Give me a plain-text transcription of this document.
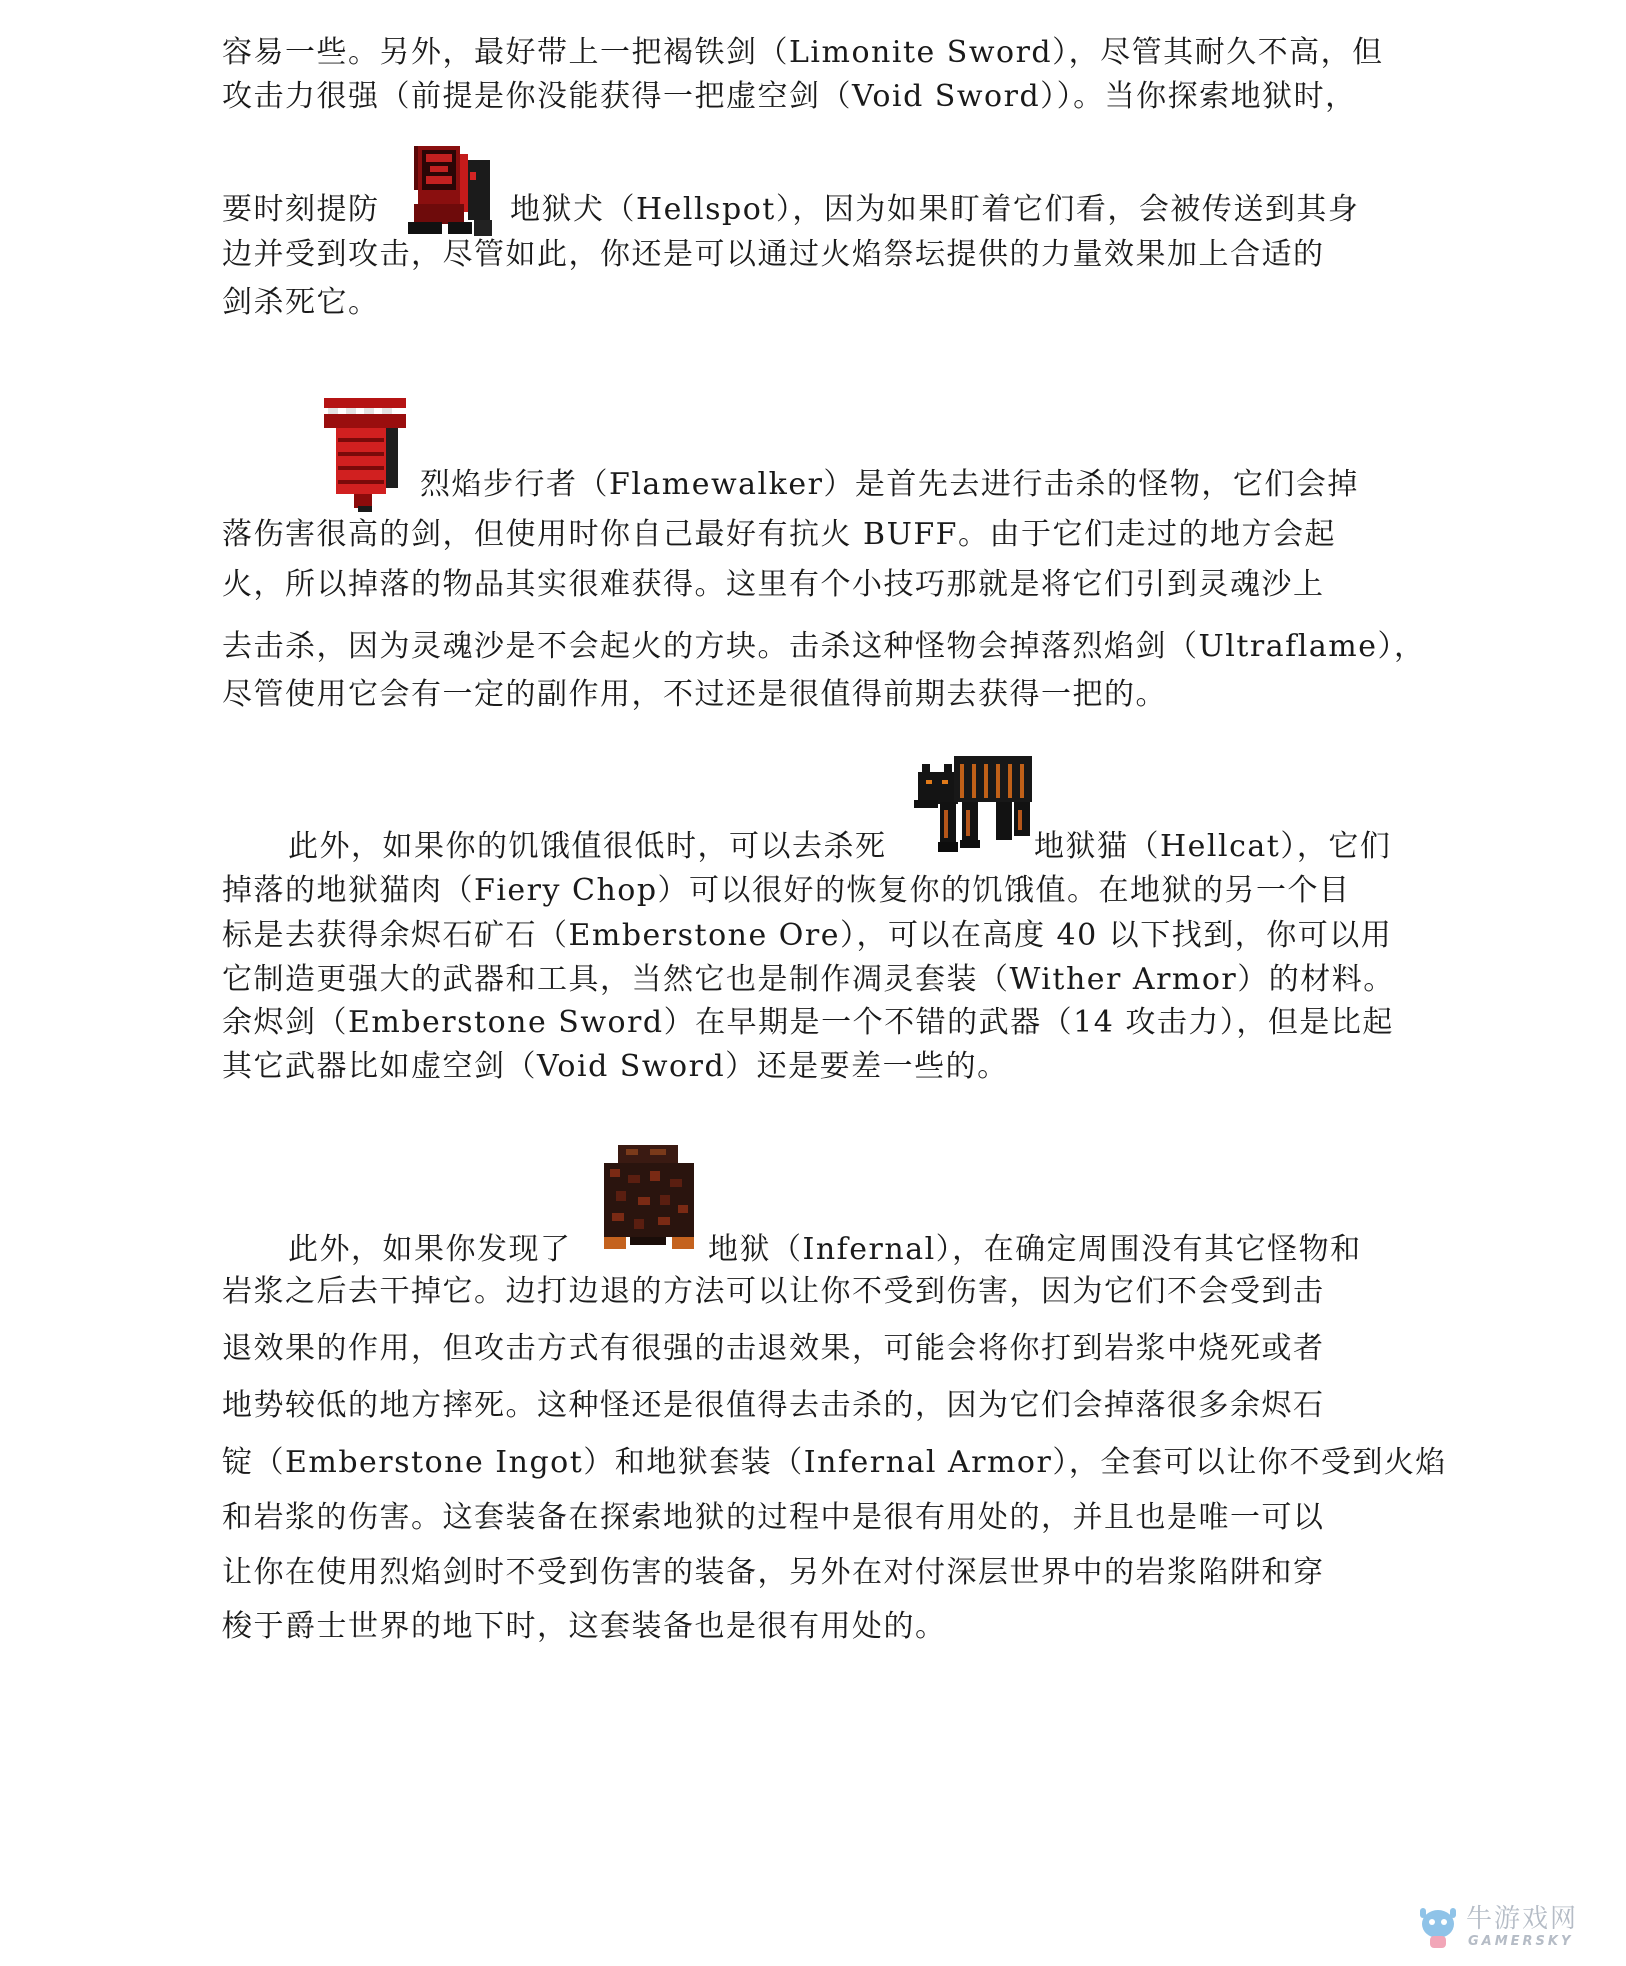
容易一些。另外，最好带上一把褐铁剑（Limonite Sword），尽管其耐久不高，但
攻击力很强（前提是你没能获得一把虚空剑（Void Sword））。当你探索地狱时，
要时刻提防	地狱犬（Hellspot），因为如果盯着它们看，会被传送到其身
边并受到攻击，尽管如此，你还是可以通过火焰祭坛提供的力量效果加上合适的
剑杀死它。
烈焰步行者（Flamewalker）是首先去进行击杀的怪物，它们会掉
落伤害很高的剑，但使用时你自己最好有抗火 BUFF。由于它们走过的地方会起
火，所以掉落的物品其实很难获得。这里有个小技巧那就是将它们引到灵魂沙上
去击杀，因为灵魂沙是不会起火的方块。击杀这种怪物会掉落烈焰剑（Ultraflame），
尽管使用它会有一定的副作用，不过还是很值得前期去获得一把的。
此外，如果你的饥饿值很低时，可以去杀死	地狱猫（Hellcat），它们
掉落的地狱猫肉（Fiery Chop）可以很好的恢复你的饥饿值。在地狱的另一个目
标是去获得余烬石矿石（Emberstone Ore），可以在高度 40 以下找到，你可以用
它制造更强大的武器和工具，当然它也是制作凋灵套装（Wither Armor）的材料。
余烬剑（Emberstone Sword）在早期是一个不错的武器（14 攻击力），但是比起
其它武器比如虚空剑（Void Sword）还是要差一些的。
此外，如果你发现了	地狱（Infernal），在确定周围没有其它怪物和
岩浆之后去干掉它。边打边退的方法可以让你不受到伤害，因为它们不会受到击
退效果的作用，但攻击方式有很强的击退效果，可能会将你打到岩浆中烧死或者
地势较低的地方摔死。这种怪还是很值得去击杀的，因为它们会掉落很多余烬石
锭（Emberstone Ingot）和地狱套装（Infernal Armor），全套可以让你不受到火焰
和岩浆的伤害。这套装备在探索地狱的过程中是很有用处的，并且也是唯一可以
让你在使用烈焰剑时不受到伤害的装备，另外在对付深层世界中的岩浆陷阱和穿
梭于爵士世界的地下时，这套装备也是很有用处的。
牛游戏网
GAMERSKY
